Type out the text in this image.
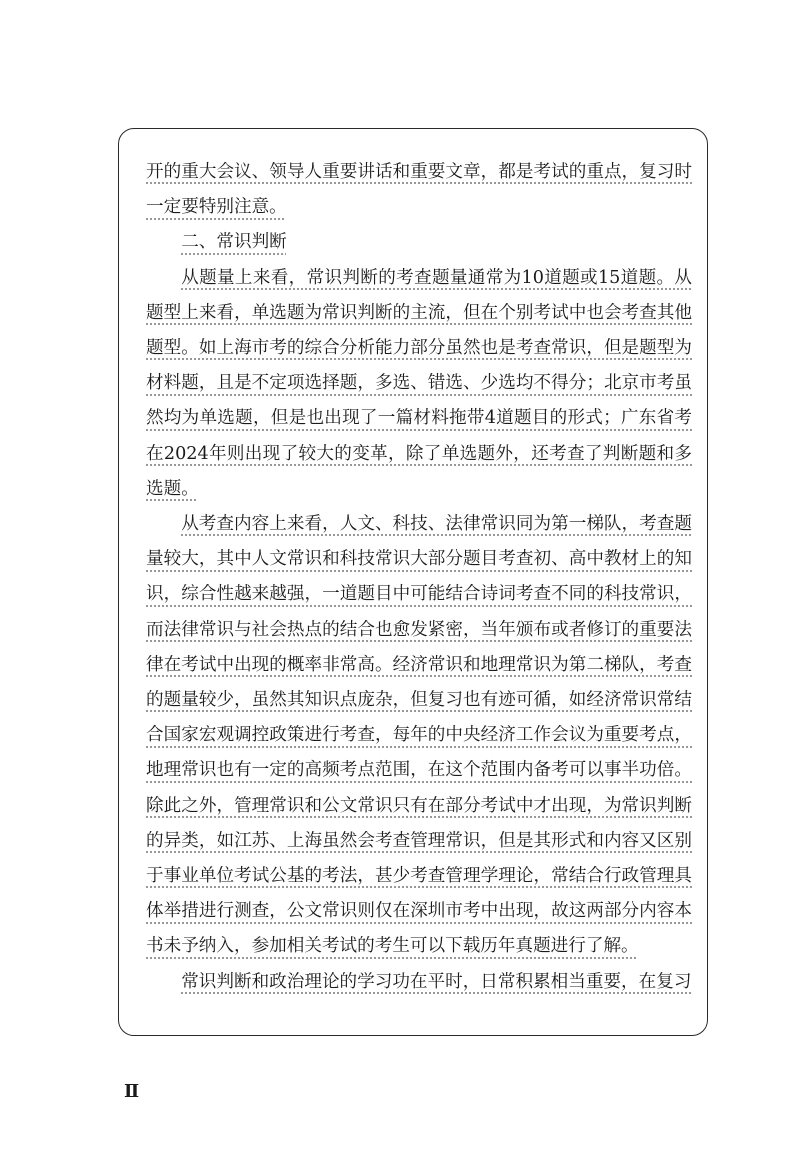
开的重大会议、领导人重要讲话和重要文章，都是考试的重点，复习时一定要特别注意。

二、常识判断

从题量上来看，常识判断的考查题量通常为10道题或15道题。从题型上来看，单选题为常识判断的主流，但在个别考试中也会考查其他题型。如上海市考的综合分析能力部分虽然也是考查常识，但是题型为材料题，且是不定项选择题，多选、错选、少选均不得分；北京市考虽然均为单选题，但是也出现了一篇材料拖带4道题目的形式；广东省考在2024年则出现了较大的变革，除了单选题外，还考查了判断题和多选题。

从考查内容上来看，人文、科技、法律常识同为第一梯队，考查题量较大，其中人文常识和科技常识大部分题目考查初、高中教材上的知识，综合性越来越强，一道题目中可能结合诗词考查不同的科技常识，而法律常识与社会热点的结合也愈发紧密，当年颁布或者修订的重要法律在考试中出现的概率非常高。经济常识和地理常识为第二梯队，考查的题量较少，虽然其知识点庞杂，但复习也有迹可循，如经济常识常结合国家宏观调控政策进行考查，每年的中央经济工作会议为重要考点，地理常识也有一定的高频考点范围，在这个范围内备考可以事半功倍。除此之外，管理常识和公文常识只有在部分考试中才出现，为常识判断的异类，如江苏、上海虽然会考查管理常识，但是其形式和内容又区别于事业单位考试公基的考法，甚少考查管理学理论，常结合行政管理具体举措进行测查，公文常识则仅在深圳市考中出现，故这两部分内容本书未予纳入，参加相关考试的考生可以下载历年真题进行了解。

常识判断和政治理论的学习功在平时，日常积累相当重要，在复习

Ⅱ
